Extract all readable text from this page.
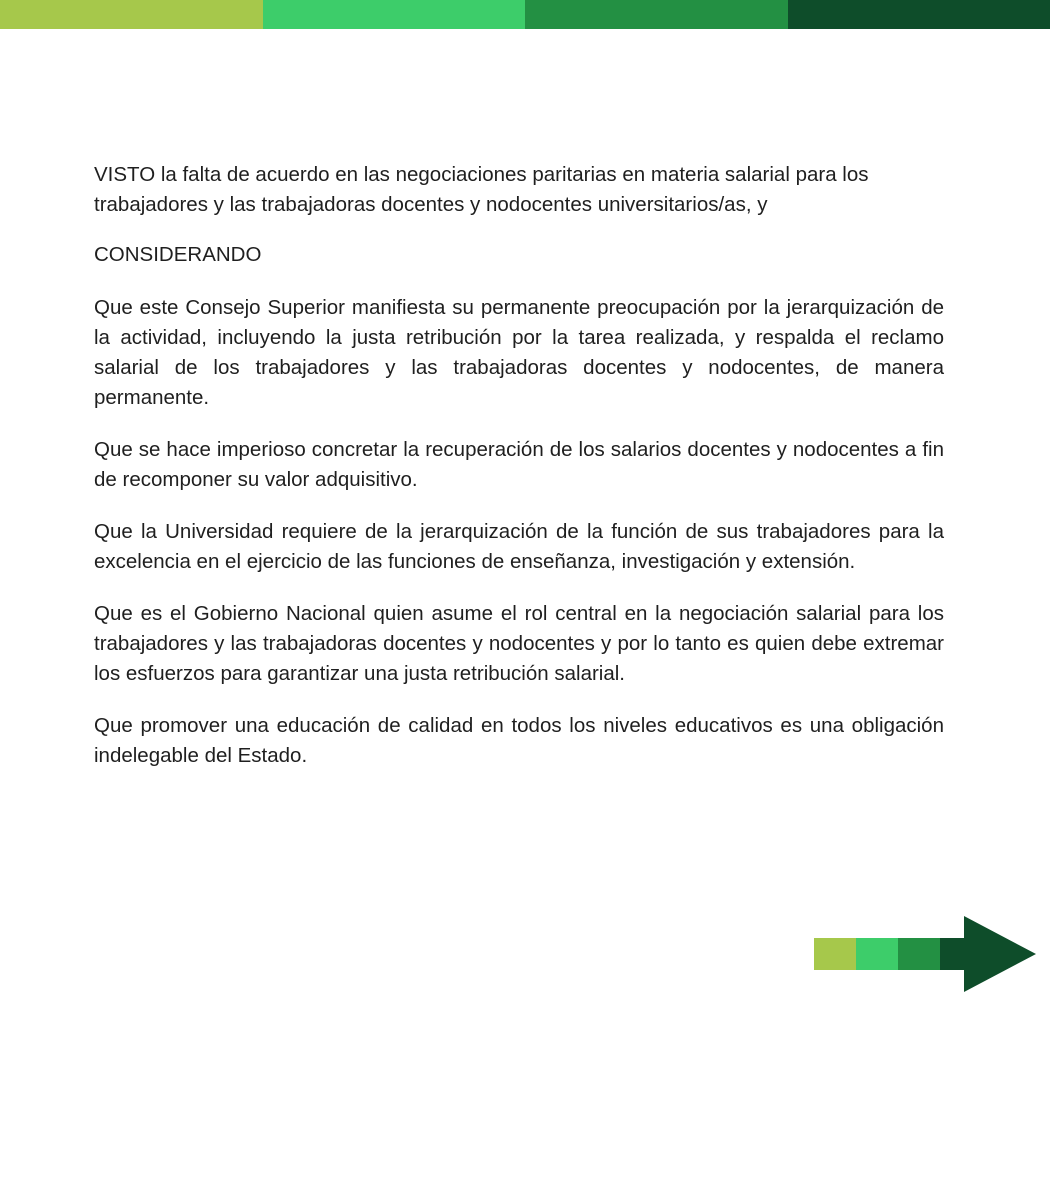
VISTO la falta de acuerdo en las negociaciones paritarias en materia salarial para los trabajadores y las trabajadoras docentes y nodocentes universitarios/as, y

CONSIDERANDO

Que este Consejo Superior manifiesta su permanente preocupación por la jerarquización de la actividad, incluyendo la justa retribución por la tarea realizada, y respalda el reclamo salarial de los trabajadores y las trabajadoras docentes y nodocentes, de manera permanente.

Que se hace imperioso concretar la recuperación de los salarios docentes y nodocentes a fin de recomponer su valor adquisitivo.

Que la Universidad requiere de la jerarquización de la función de sus trabajadores para la excelencia en el ejercicio de las funciones de enseñanza, investigación y extensión.

Que es el Gobierno Nacional quien asume el rol central en la negociación salarial para los trabajadores y las trabajadoras docentes y nodocentes y por lo tanto es quien debe extremar los esfuerzos para garantizar una justa retribución salarial.

Que promover una educación de calidad en todos los niveles educativos es una obligación indelegable del Estado.
